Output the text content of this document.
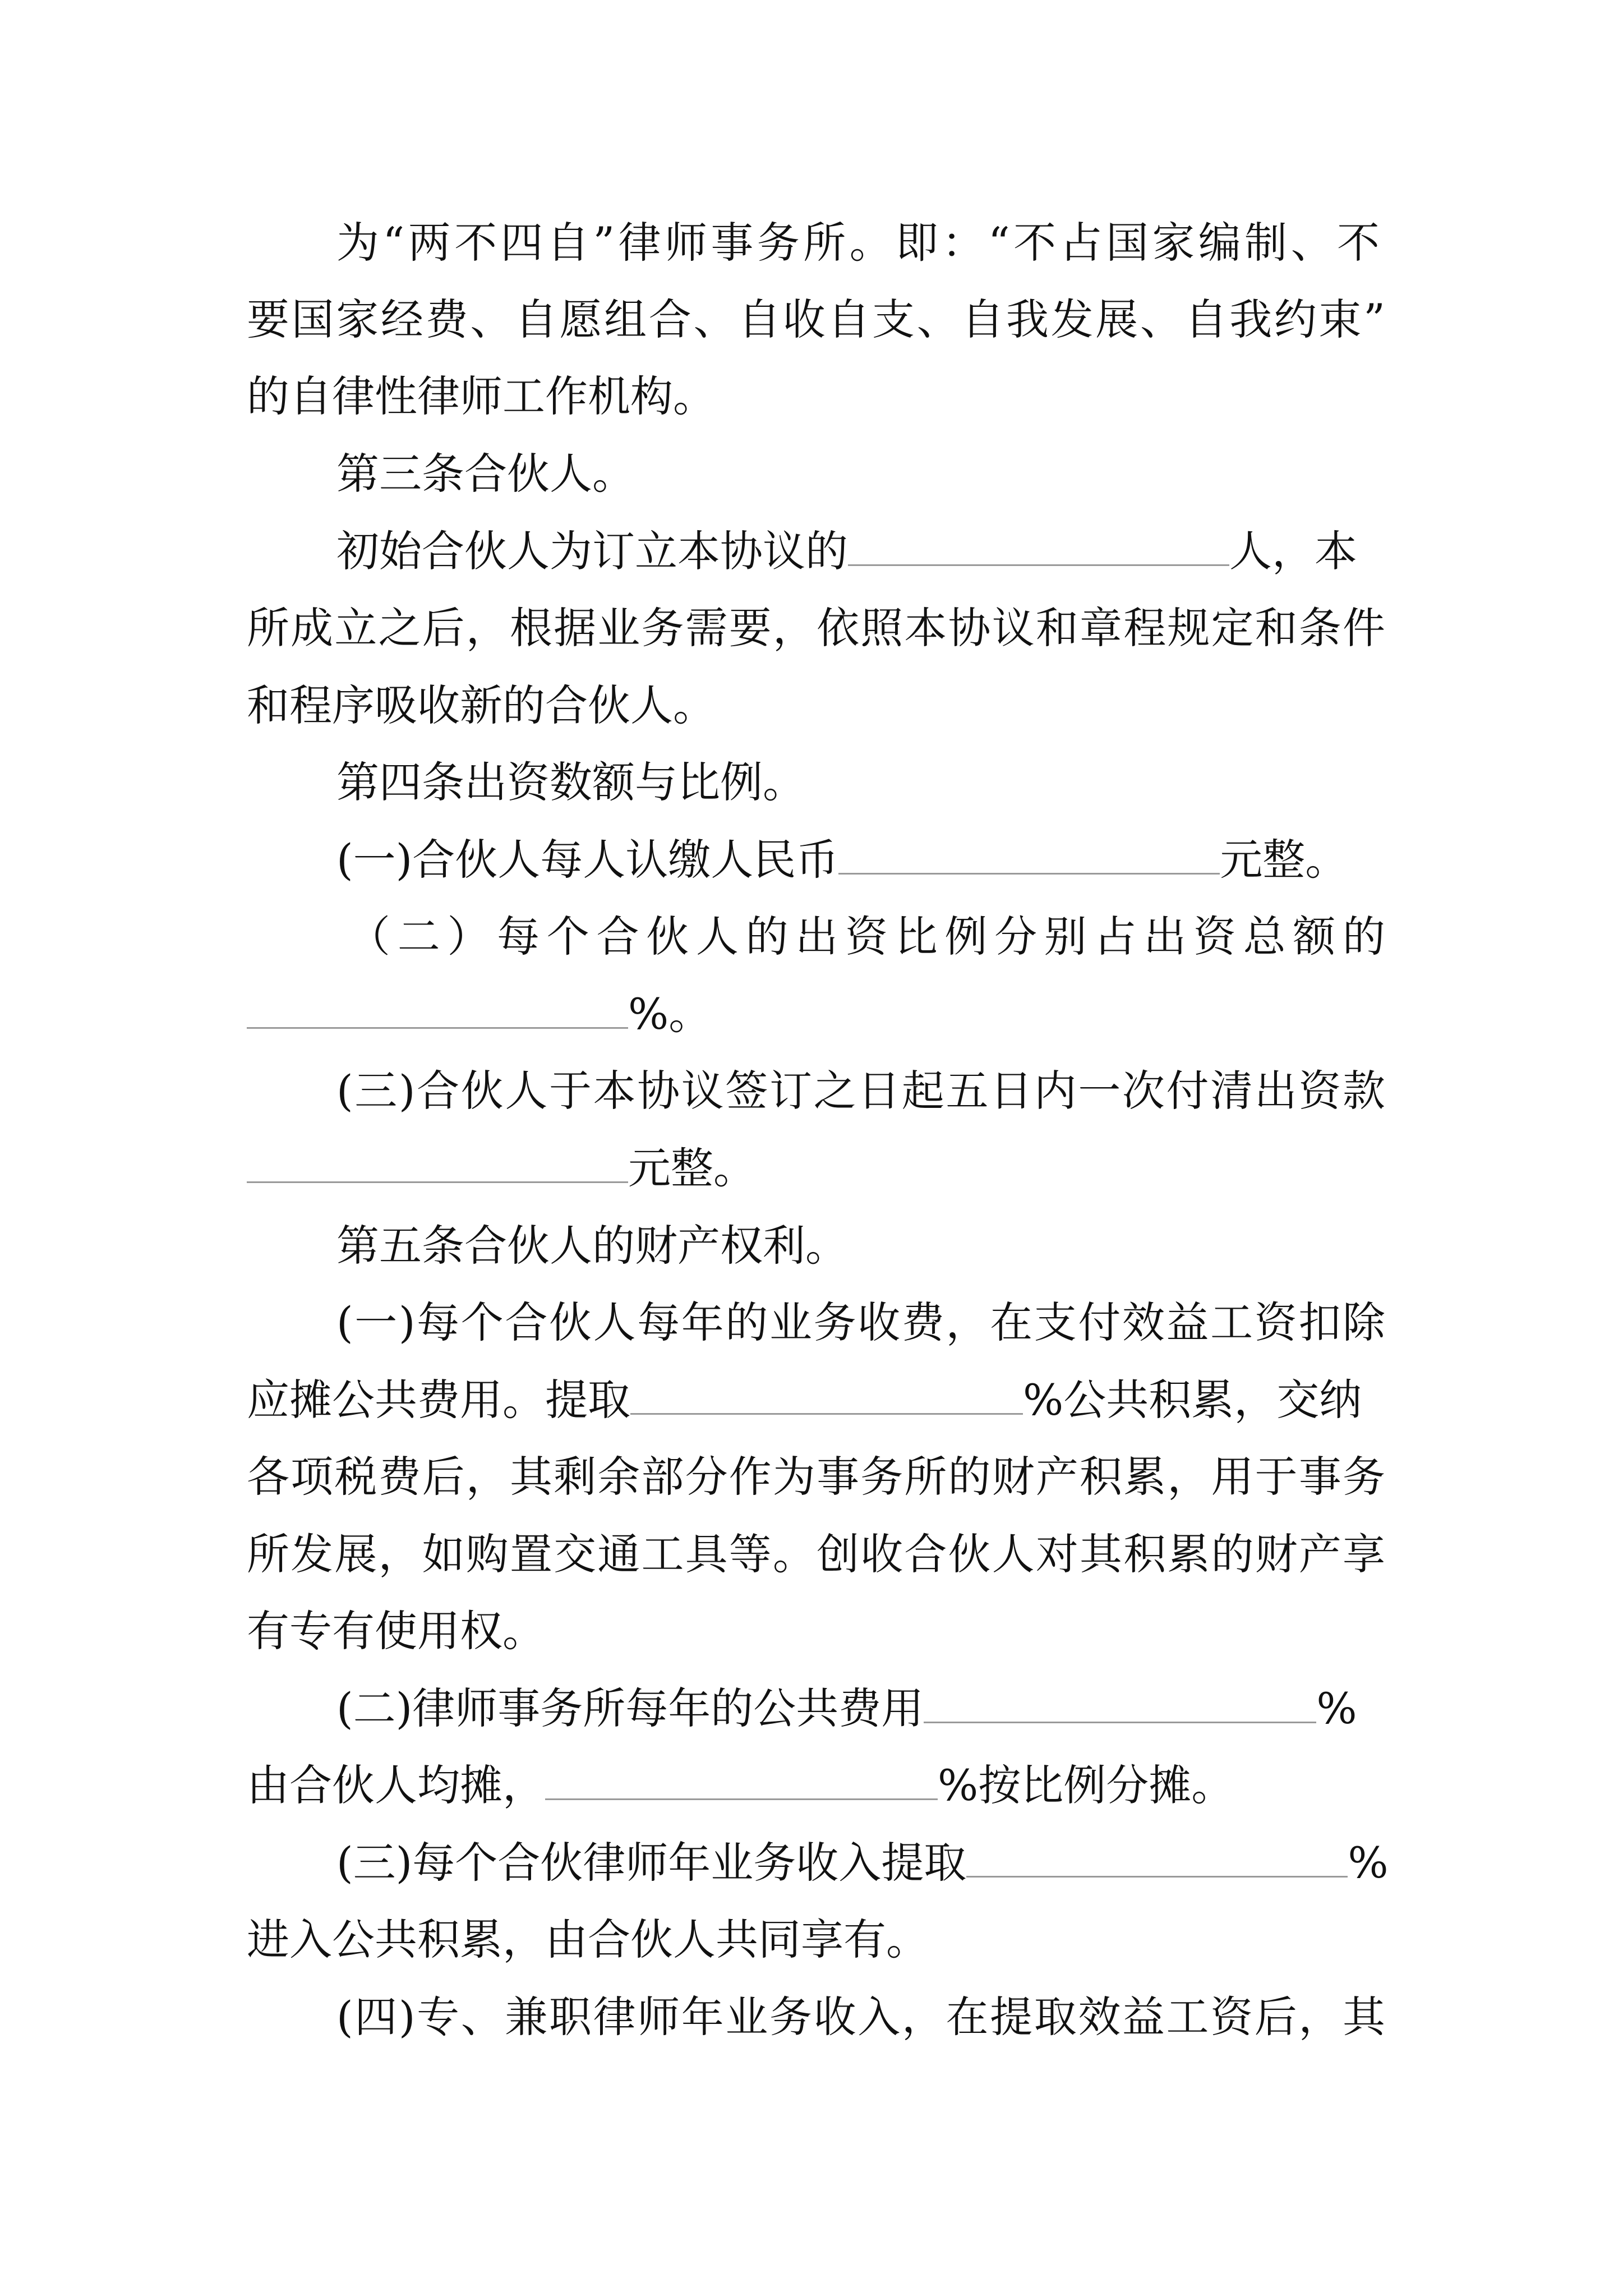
为“两不四自”律师事务所。即：“不占国家编制、不
要国家经费、自愿组合、自收自支、自我发展、自我约束”
的自律性律师工作机构。
第三条合伙人。
初始合伙人为订立本协议的	人，本
所成立之后，根据业务需要，依照本协议和章程规定和条件
和程序吸收新的合伙人。
第四条出资数额与比例。
(一)合伙人每人认缴人民币	元整。
（二）每个合伙人的出资比例分别占出资总额的
%。
(三)合伙人于本协议签订之日起五日内一次付清出资款
元整。
第五条合伙人的财产权利。
(一)每个合伙人每年的业务收费，在支付效益工资扣除
应摊公共费用。提取	%公共积累，交纳
各项税费后，其剩余部分作为事务所的财产积累，用于事务
所发展，如购置交通工具等。创收合伙人对其积累的财产享
有专有使用权。
(二)律师事务所每年的公共费用	%
由合伙人均摊，	%按比例分摊。
(三)每个合伙律师年业务收入提取	%
进入公共积累，由合伙人共同享有。
(四)专、兼职律师年业务收入，在提取效益工资后，其
